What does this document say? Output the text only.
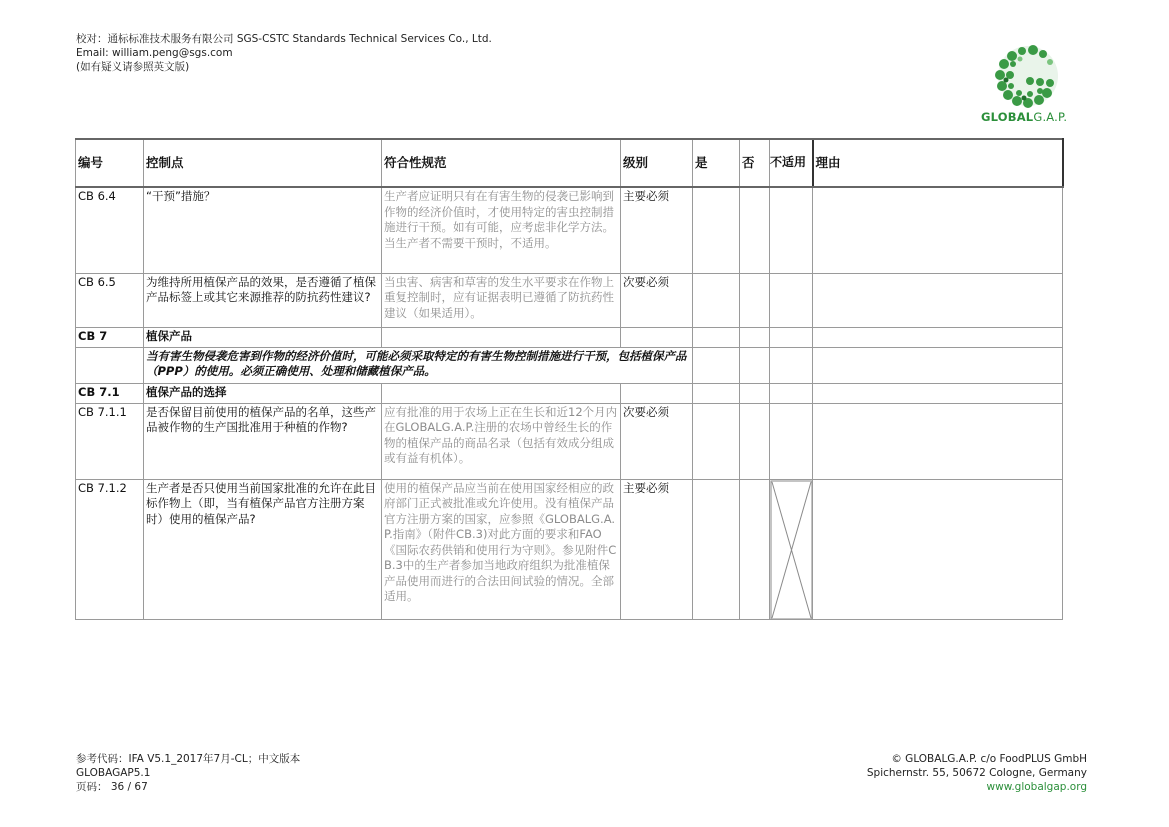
校对：通标标准技术服务有限公司 SGS-CSTC Standards Technical Services Co., Ltd.
Email: william.peng@sgs.com
(如有疑义请参照英文版)
GLOBALG.A.P.
编号	控制点	符合性规范	级别	是	否	不适用	理由
CB 6.4	“干预”措施？	生产者应证明只有在有害生物的侵袭已影响到作物的经济价值时，才使用特定的害虫控制措施进行干预。如有可能，应考虑非化学方法。当生产者不需要干预时，不适用。	主要必须				
CB 6.5	为维持所用植保产品的效果，是否遵循了植保产品标签上或其它来源推荐的防抗药性建议?	当虫害、病害和草害的发生水平要求在作物上重复控制时，应有证据表明已遵循了防抗药性建议（如果适用）。	次要必须				
CB 7	植保产品						
	当有害生物侵袭危害到作物的经济价值时，可能必须采取特定的有害生物控制措施进行干预，包括植保产品（PPP）的使用。必须正确使用、处理和储藏植保产品。						
CB 7.1	植保产品的选择						
CB 7.1.1	是否保留目前使用的植保产品的名单，这些产品被作物的生产国批准用于种植的作物?	应有批准的用于农场上正在生长和近12个月内在GLOBALG.A.P.注册的农场中曾经生长的作物的植保产品的商品名录（包括有效成分组成或有益有机体）。	次要必须				
CB 7.1.2	生产者是否只使用当前国家批准的允许在此目标作物上（即，当有植保产品官方注册方案时）使用的植保产品?	使用的植保产品应当前在使用国家经相应的政府部门正式被批准或允许使用。没有植保产品官方注册方案的国家，应参照《GLOBALG.A.P.指南》（附件CB.3)对此方面的要求和FAO《国际农药供销和使用行为守则》。参见附件CB.3中的生产者参加当地政府组织为批准植保产品使用而进行的合法田间试验的情况。全部适用。	主要必须			

参考代码：IFA V5.1_2017年7月-CL；中文版本
GLOBAGAP5.1
页码： 36 / 67
© GLOBALG.A.P. c/o FoodPLUS GmbH
Spichernstr. 55, 50672 Cologne, Germany
www.globalgap.org
